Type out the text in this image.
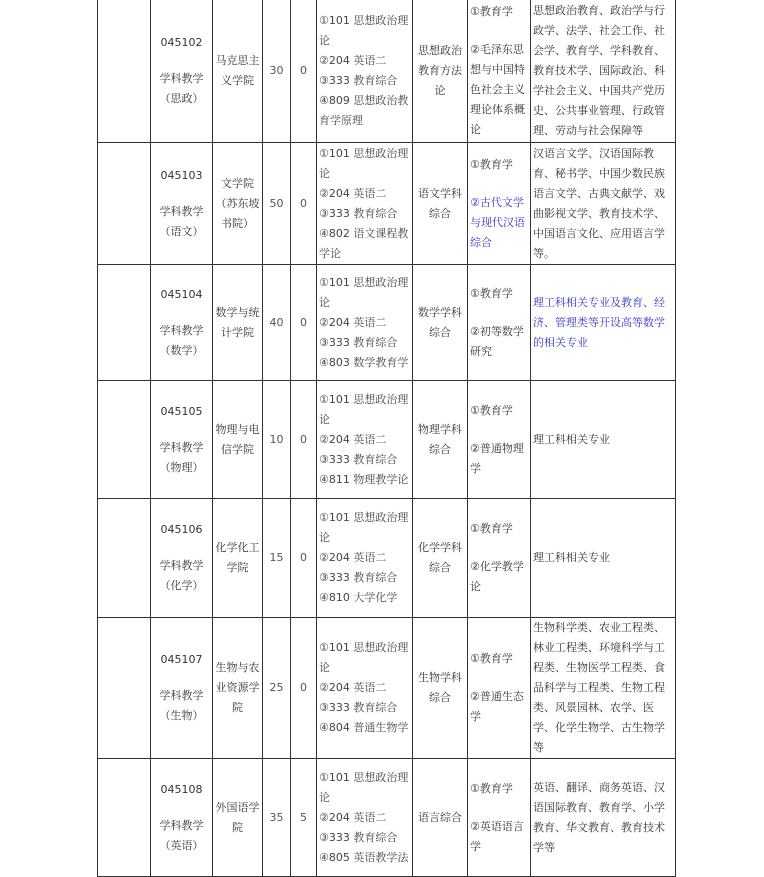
	045102
学科教学
（思政）	马克思主义学院	30	0	①101 思想政治理论
②204 英语二
③333 教育综合
④809 思想政治教育学原理	思想政治教育方法论	①教育学
②毛泽东思想与中国特色社会主义理论体系概论	思想政治教育、政治学与行政学、法学、社会工作、社会学、教育学、学科教育、教育技术学、国际政治、科学社会主义、中国共产党历史、公共事业管理、行政管理、劳动与社会保障等

	045103
学科教学
（语文）	文学院（苏东坡书院）	50	0	①101 思想政治理论
②204 英语二
③333 教育综合
④802 语文课程教学论	语文学科综合	①教育学
②古代文学与现代汉语综合	汉语言文学、汉语国际教育、秘书学、中国少数民族语言文学、古典文献学、戏曲影视文学、教育技术学、中国语言文化、应用语言学等。

	045104
学科教学
（数学）	数学与统计学院	40	0	①101 思想政治理论
②204 英语二
③333 教育综合
④803 数学教育学	数学学科综合	①教育学
②初等数学研究	理工科相关专业及教育、经济、管理类等开设高等数学的相关专业

	045105
学科教学
（物理）	物理与电信学院	10	0	①101 思想政治理论
②204 英语二
③333 教育综合
④811 物理教学论	物理学科综合	①教育学
②普通物理学	理工科相关专业

	045106
学科教学
（化学）	化学化工学院	15	0	①101 思想政治理论
②204 英语二
③333 教育综合
④810 大学化学	化学学科综合	①教育学
②化学教学论	理工科相关专业

	045107
学科教学
（生物）	生物与农业资源学院	25	0	①101 思想政治理论
②204 英语二
③333 教育综合
④804 普通生物学	生物学科综合	①教育学
②普通生态学	生物科学类、农业工程类、林业工程类、环境科学与工程类、生物医学工程类、食品科学与工程类、生物工程类、风景园林、农学、医学、化学生物学、古生物学等

	045108
学科教学
（英语）	外国语学院	35	5	①101 思想政治理论
②204 英语二
③333 教育综合
④805 英语教学法	语言综合	①教育学
②英语语言学	英语、翻译、商务英语、汉语国际教育、教育学、小学教育、华文教育、教育技术学等
